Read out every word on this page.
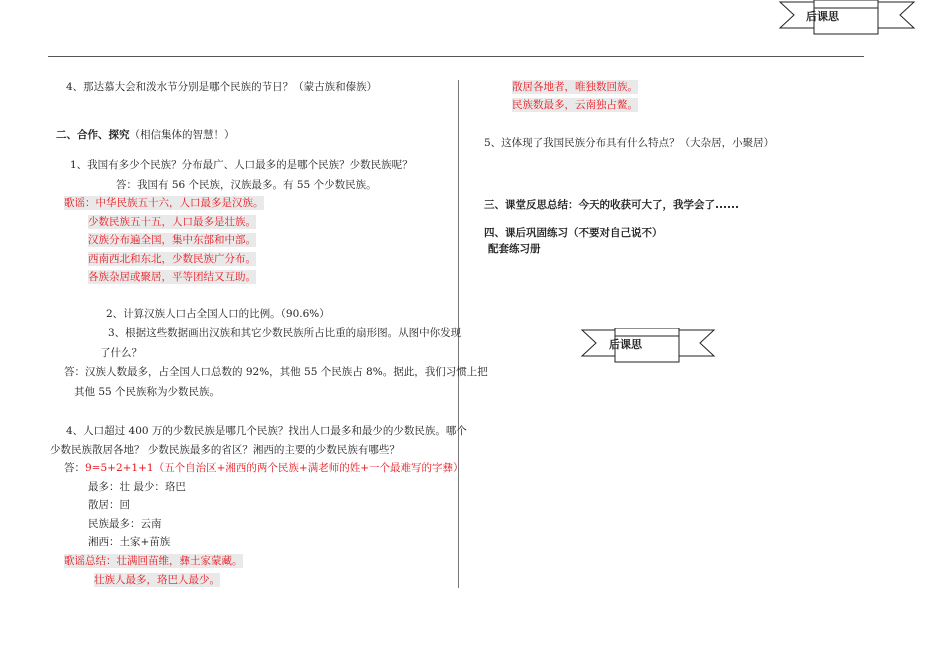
后课思
4、那达慕大会和泼水节分别是哪个民族的节日？（蒙古族和傣族）
二、合作、探究（相信集体的智慧！）
1、我国有多少个民族？分布最广、人口最多的是哪个民族？少数民族呢？
答：我国有 56 个民族，汉族最多。有 55 个少数民族。
歌谣：中华民族五十六，人口最多是汉族。
少数民族五十五，人口最多是壮族。
汉族分布遍全国，集中东部和中部。
西南西北和东北，少数民族广分布。
各族杂居或聚居，平等团结又互助。
2、计算汉族人口占全国人口的比例。（90.6%）
3、根据这些数据画出汉族和其它少数民族所占比重的扇形图。从图中你发现
了什么？
答：汉族人数最多，占全国人口总数的 92%，其他 55 个民族占 8%。据此，我们习惯上把
其他 55 个民族称为少数民族。
4、人口超过 400 万的少数民族是哪几个民族？找出人口最多和最少的少数民族。哪个
少数民族散居各地？ 少数民族最多的省区？湘西的主要的少数民族有哪些？
答：9=5+2+1+1（五个自治区+湘西的两个民族+满老师的姓+一个最难写的字彝）
最多：壮 最少：珞巴
散居：回
民族最多：云南
湘西：土家+苗族
歌谣总结：壮满回苗维，彝土家蒙藏。
壮族人最多，珞巴人最少。
散居各地者，唯独数回族。
民族数最多，云南独占鳌。
5、这体现了我国民族分布具有什么特点？（大杂居，小聚居）
三、课堂反思总结：今天的收获可大了，我学会了......
四、课后巩固练习（不要对自己说不）
配套练习册
后课思
